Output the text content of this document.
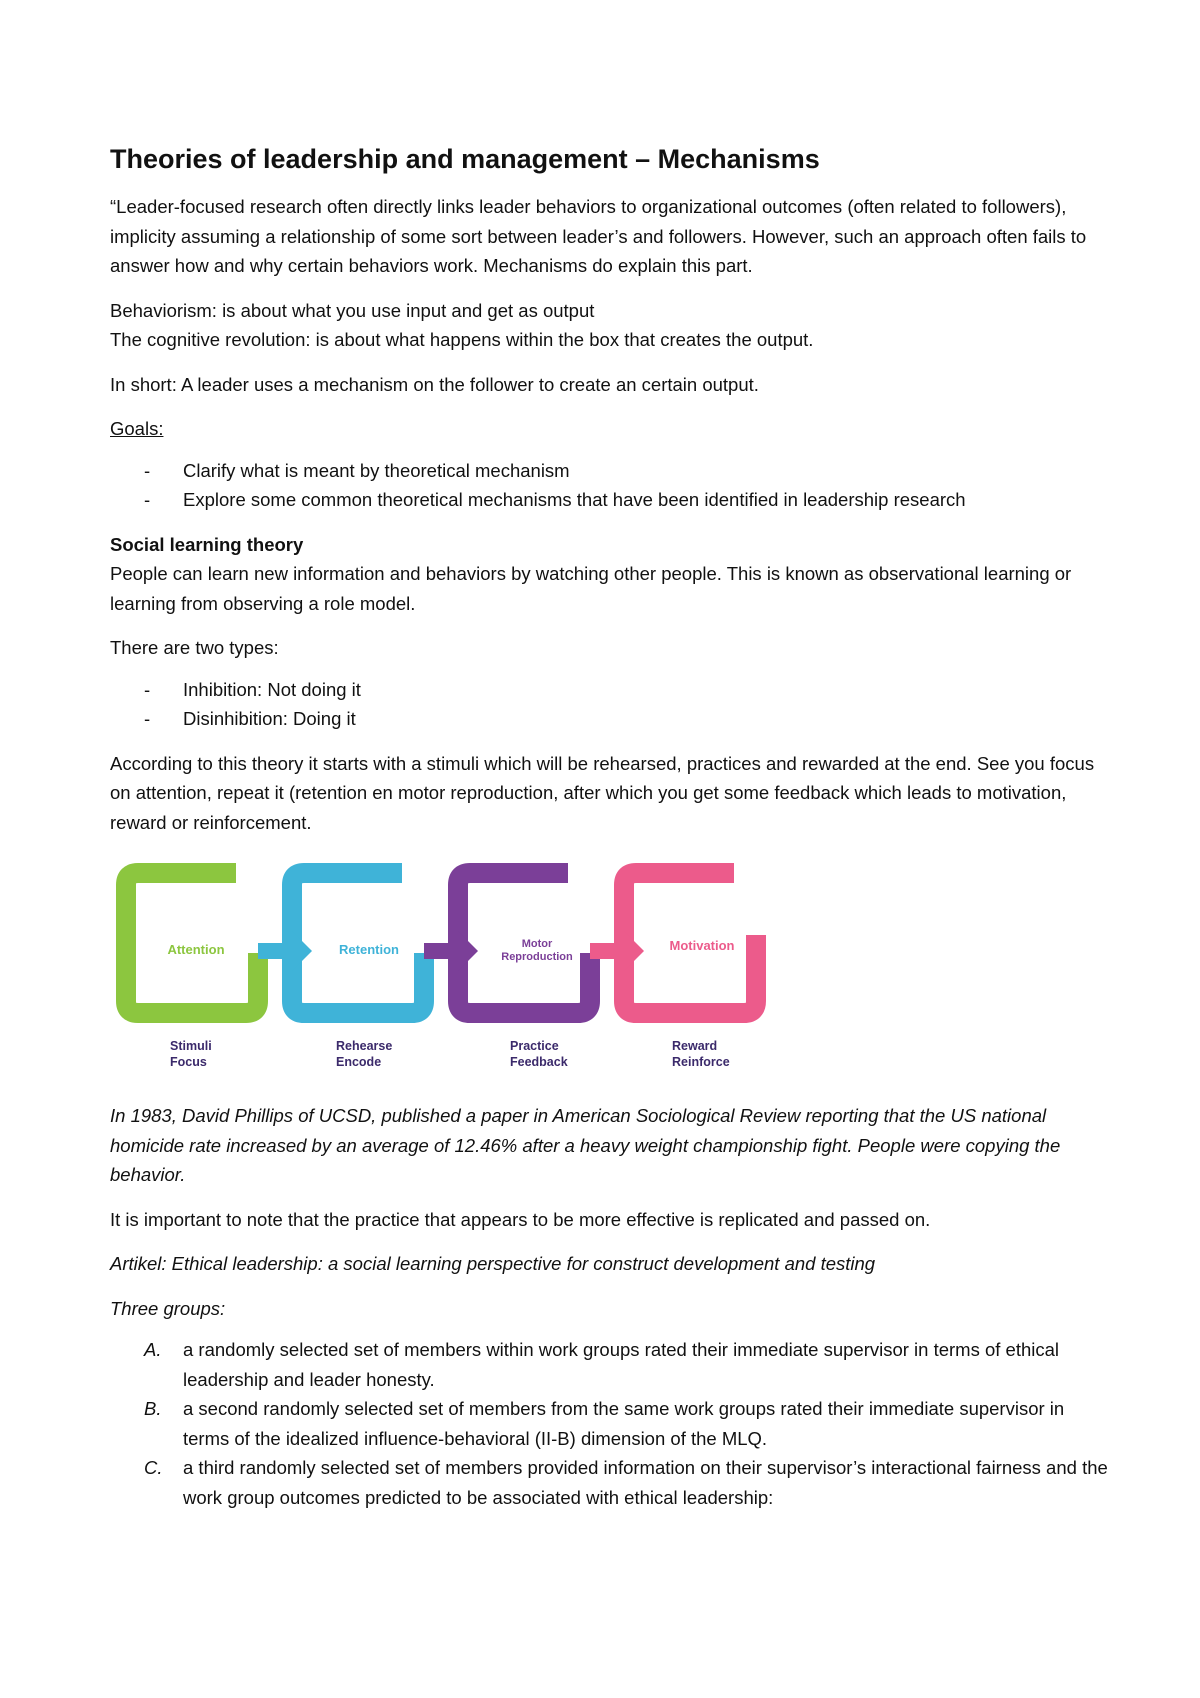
Theories of leadership and management – Mechanisms

“Leader-focused research often directly links leader behaviors to organizational outcomes (often related to followers), implicity assuming a relationship of some sort between leader’s and followers. However, such an approach often fails to answer how and why certain behaviors work. Mechanisms do explain this part.

Behaviorism: is about what you use input and get as output

The cognitive revolution: is about what happens within the box that creates the output.

In short: A leader uses a mechanism on the follower to create an certain output.

Goals:

- Clarify what is meant by theoretical mechanism
- Explore some common theoretical mechanisms that have been identified in leadership research

Social learning theory

People can learn new information and behaviors by watching other people. This is known as observational learning or learning from observing a role model.

There are two types:

- Inhibition: Not doing it
- Disinhibition: Doing it

According to this theory it starts with a stimuli which will be rehearsed, practices and rewarded at the end. See you focus on attention, repeat it (retention en motor reproduction, after which you get some feedback which leads to motivation, reward or reinforcement.

Attention	Retention	Motor
Reproduction
Motivation
Stimuli
Focus
Rehearse
Encode
Practice
Feedback
Reward
Reinforce

In 1983, David Phillips of UCSD, published a paper in American Sociological Review reporting that the US national homicide rate increased by an average of 12.46% after a heavy weight championship fight. People were copying the behavior.

It is important to note that the practice that appears to be more effective is replicated and passed on.

Artikel: Ethical leadership: a social learning perspective for construct development and testing

Three groups:

A. a randomly selected set of members within work groups rated their immediate supervisor in terms of ethical leadership and leader honesty.
B. a second randomly selected set of members from the same work groups rated their immediate supervisor in terms of the idealized influence-behavioral (II-B) dimension of the MLQ.
C. a third randomly selected set of members provided information on their supervisor’s interactional fairness and the work group outcomes predicted to be associated with ethical leadership:
